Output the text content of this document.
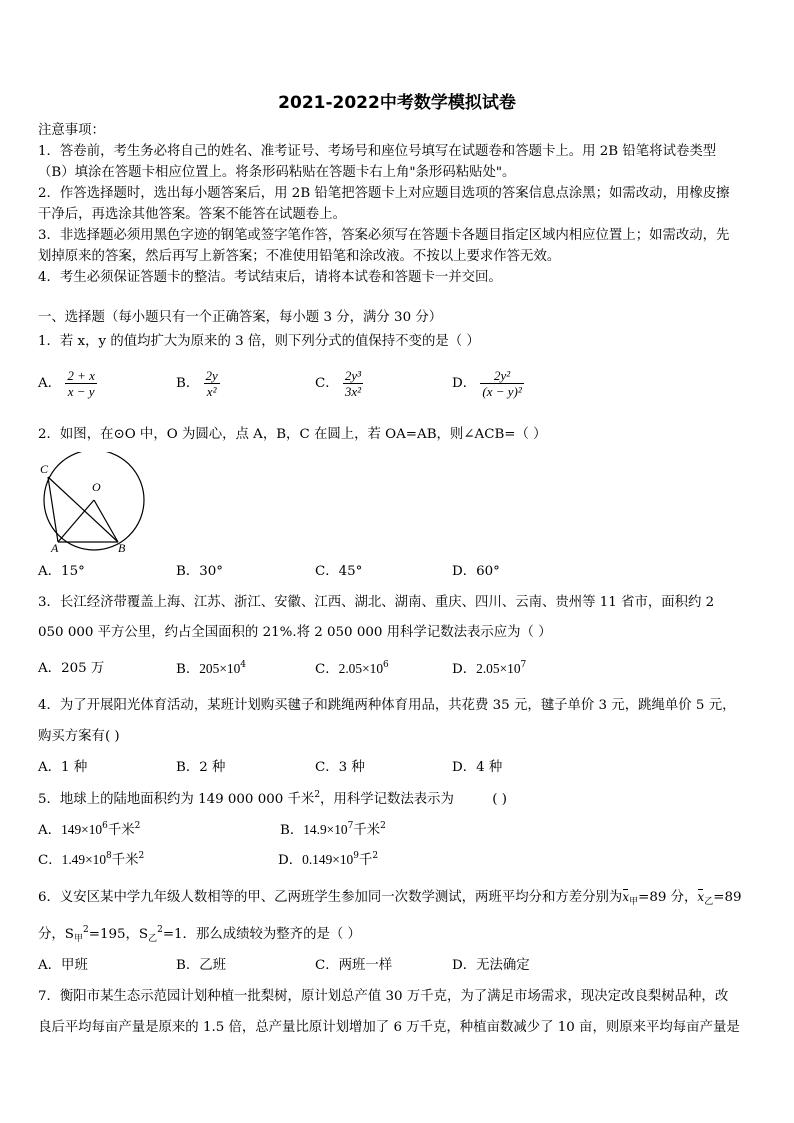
2021-2022中考数学模拟试卷
注意事项：
1．答卷前，考生务必将自己的姓名、准考证号、考场号和座位号填写在试题卷和答题卡上。用 2B 铅笔将试卷类型
（B）填涂在答题卡相应位置上。将条形码粘贴在答题卡右上角"条形码粘贴处"。
2．作答选择题时，选出每小题答案后，用 2B 铅笔把答题卡上对应题目选项的答案信息点涂黑；如需改动，用橡皮擦
干净后，再选涂其他答案。答案不能答在试题卷上。
3．非选择题必须用黑色字迹的钢笔或签字笔作答，答案必须写在答题卡各题目指定区域内相应位置上；如需改动，先
划掉原来的答案，然后再写上新答案；不准使用铅笔和涂改液。不按以上要求作答无效。
4．考生必须保证答题卡的整洁。考试结束后，请将本试卷和答题卡一并交回。
一、选择题（每小题只有一个正确答案，每小题 3 分，满分 30 分）
1．若 x，y 的值均扩大为原来的 3 倍，则下列分式的值保持不变的是（ ）
A． $\frac{2 + x}{x - y}$	B． $\frac{2y}{\text{x²}}$	C． $\frac{\text{2y³}}{\text{3x²}}$	D． $\frac{\text{2y²}}{\text{(x − y)²}}$
2．如图，在⊙O 中，O 为圆心，点 A，B，C 在圆上，若 OA=AB，则∠ACB=（ ）
C
O
A	B
A．15°	B．30°	C．45°	D．60°
3．长江经济带覆盖上海、江苏、浙江、安徽、江西、湖北、湖南、重庆、四川、云南、贵州等 11 省市，面积约 2
050 000 平方公里，约占全国面积的 21%.将 2 050 000 用科学记数法表示应为（ ）
A．205 万	B．$205\times 10^4$	C．$2.05\times 10^6$	D．$2.05\times 10^7$
4．为了开展阳光体育活动，某班计划购买毽子和跳绳两种体育用品，共花费 35 元，毽子单价 3 元，跳绳单价 5 元，
购买方案有( )
A．1 种	B．2 种	C．3 种	D．4 种
5．地球上的陆地面积约为 149 000 000 千米$^2$，用科学记数法表示为	( )
A．$149\times 10^6$千米$^2$	B．$14.9\times 10^7$千米$^2$
C．$1.49\times 10^8$千米$^2$	D．$0.149\times 10^9$千$^2$
6．义安区某中学九年级人数相等的甲、乙两班学生参加同一次数学测试，两班平均分和方差分别为$x_甲=89$ 分，$x_乙=89$
分，$S_甲^2=195$，$S_乙^2=1$．那么成绩较为整齐的是（ ）
A．甲班	B．乙班	C．两班一样	D．无法确定
7．衡阳市某生态示范园计划种植一批梨树，原计划总产值 30 万千克，为了满足市场需求，现决定改良梨树品种，改
良后平均每亩产量是原来的 1.5 倍，总产量比原计划增加了 6 万千克，种植亩数减少了 10 亩，则原来平均每亩产量是
